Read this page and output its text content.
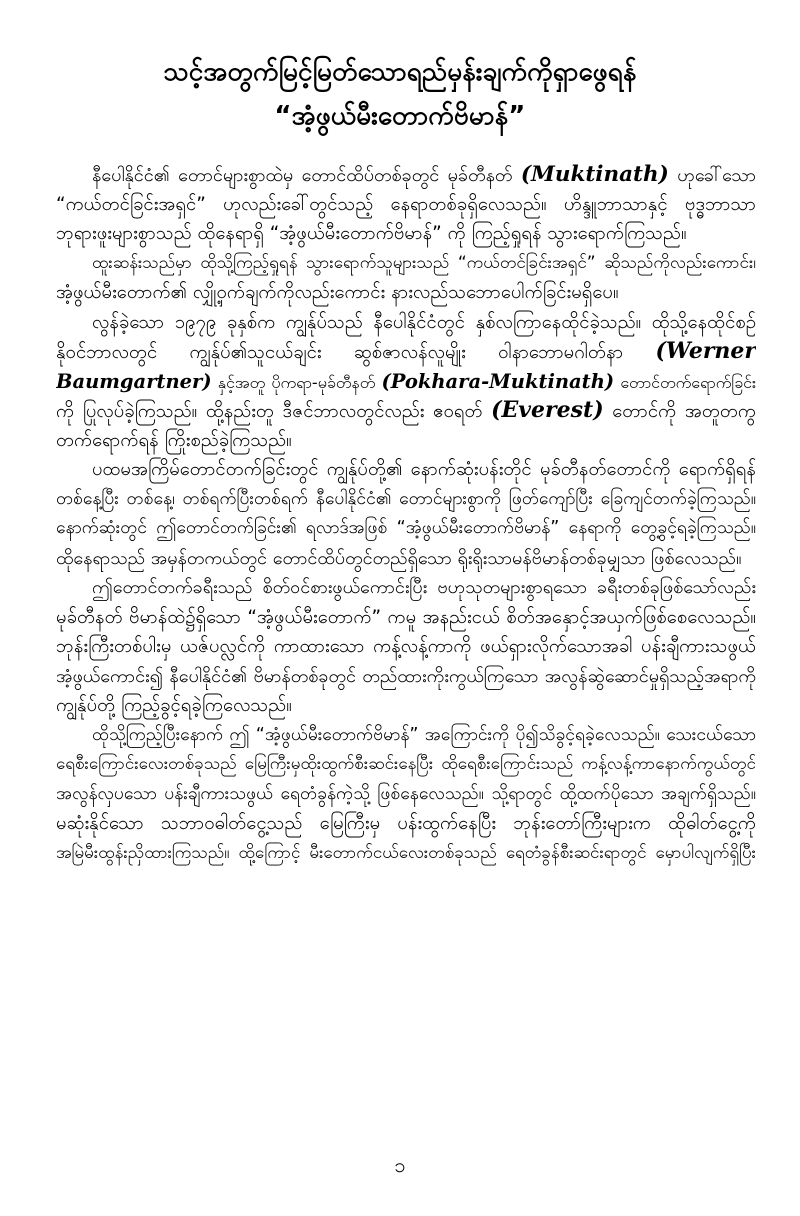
သင့်အတွက်မြင့်မြတ်သောရည်မှန်းချက်ကိုရှာဖွေရန်
“အံ့ဖွယ်မီးတောက်ဗိမာန်”
နီပေါနိုင်ငံ၏ တောင်များစွာထဲမှ တောင်ထိပ်တစ်ခုတွင် မုခ်တီနတ် (Muktinath) ဟုခေါ်သော
“ကယ်တင်ခြင်းအရှင်” ဟုလည်းခေါ်တွင်သည့် နေရာတစ်ခုရှိလေသည်။ ဟိန္ဒူဘာသာနှင့် ဗုဒ္ဓဘာသာ
ဘုရားဖူးများစွာသည် ထိုနေရာရှိ “အံ့ဖွယ်မီးတောက်ဗိမာန်” ကို ကြည့်ရှုရန် သွားရောက်ကြသည်။
ထူးဆန်းသည်မှာ ထိုသို့ကြည့်ရှုရန် သွားရောက်သူများသည် “ကယ်တင်ခြင်းအရှင်” ဆိုသည်ကိုလည်းကောင်း၊
အံ့ဖွယ်မီးတောက်၏ လျှို့ဝှက်ချက်ကိုလည်းကောင်း နားလည်သဘောပေါက်ခြင်းမရှိပေ။
လွန်ခဲ့သော ၁၉၇၉ ခုနှစ်က ကျွန်ုပ်သည် နီပေါနိုင်ငံတွင် နှစ်လကြာနေထိုင်ခဲ့သည်။ ထိုသို့နေထိုင်စဉ်
နိုဝင်ဘာလတွင် ကျွန်ုပ်၏သူငယ်ချင်း ဆွစ်ဇာလန်လူမျိုး ဝါနာဘောမဂါတ်နာ (Werner
Baumgartner) နှင့်အတူ ပိုကရာ-မုခ်တီနတ် (Pokhara-Muktinath) တောင်တက်ရောက်ခြင်း
ကို ပြုလုပ်ခဲ့ကြသည်။ ထို့နည်းတူ ဒီဇင်ဘာလတွင်လည်း ဧဝရတ် (Everest) တောင်ကို အတူတကွ
တက်ရောက်ရန် ကြိုးစည်ခဲ့ကြသည်။
ပထမအကြိမ်တောင်တက်ခြင်းတွင် ကျွန်ုပ်တို့၏ နောက်ဆုံးပန်းတိုင် မုခ်တီနတ်တောင်ကို ရောက်ရှိရန်
တစ်နေ့ပြီး တစ်နေ့၊ တစ်ရက်ပြီးတစ်ရက် နီပေါနိုင်ငံ၏ တောင်များစွာကို ဖြတ်ကျော်ပြီး ခြေကျင်တက်ခဲ့ကြသည်။
နောက်ဆုံးတွင် ဤတောင်တက်ခြင်း၏ ရလာဒ်အဖြစ် “အံ့ဖွယ်မီးတောက်ဗိမာန်” နေရာကို တွေ့ခွင့်ရခဲ့ကြသည်။
ထိုနေရာသည် အမှန်တကယ်တွင် တောင်ထိပ်တွင်တည်ရှိသော ရိုးရိုးသာမန်ဗိမာန်တစ်ခုမျှသာ ဖြစ်လေသည်။
ဤတောင်တက်ခရီးသည် စိတ်ဝင်စားဖွယ်ကောင်းပြီး ဗဟုသုတများစွာရသော ခရီးတစ်ခုဖြစ်သော်လည်း
မုခ်တီနတ် ဗိမာန်ထဲ၌ရှိသော “အံ့ဖွယ်မီးတောက်” ကမူ အနည်းငယ် စိတ်အနှောင့်အယှက်ဖြစ်စေလေသည်။
ဘုန်းကြီးတစ်ပါးမှ ယဇ်ပလ္လင်ကို ကာထားသော ကန့်လန့်ကာကို ဖယ်ရှားလိုက်သောအခါ ပန်းချီကားသဖွယ်
အံ့ဖွယ်ကောင်း၍ နီပေါနိုင်ငံ၏ ဗိမာန်တစ်ခုတွင် တည်ထားကိုးကွယ်ကြသော အလွန်ဆွဲဆောင်မှုရှိသည့်အရာကို
ကျွန်ုပ်တို့ ကြည့်ခွင့်ရခဲ့ကြလေသည်။
ထိုသို့ကြည့်ပြီးနောက် ဤ “အံ့ဖွယ်မီးတောက်ဗိမာန်” အကြောင်းကို ပို၍သိခွင့်ရခဲ့လေသည်။ သေးငယ်သော
ရေစီးကြောင်းလေးတစ်ခုသည် မြေကြီးမှထိုးထွက်စီးဆင်းနေပြီး ထိုရေစီးကြောင်းသည် ကန့်လန့်ကာနောက်ကွယ်တွင်
အလွန်လှပသော ပန်းချီကားသဖွယ် ရေတံခွန်ကဲ့သို့ ဖြစ်နေလေသည်။ သို့ရာတွင် ထို့ထက်ပိုသော အချက်ရှိသည်။
မဆုံးနိုင်သော သဘာဝဓါတ်ငွေ့သည် မြေကြီးမှ ပန်းထွက်နေပြီး ဘုန်းတော်ကြီးများက ထိုဓါတ်ငွေ့ကို
အမြဲမီးထွန်းညှိထားကြသည်။ ထို့ကြောင့် မီးတောက်ငယ်လေးတစ်ခုသည် ရေတံခွန်စီးဆင်းရာတွင် မှောပါလျက်ရှိပြီး
၁
